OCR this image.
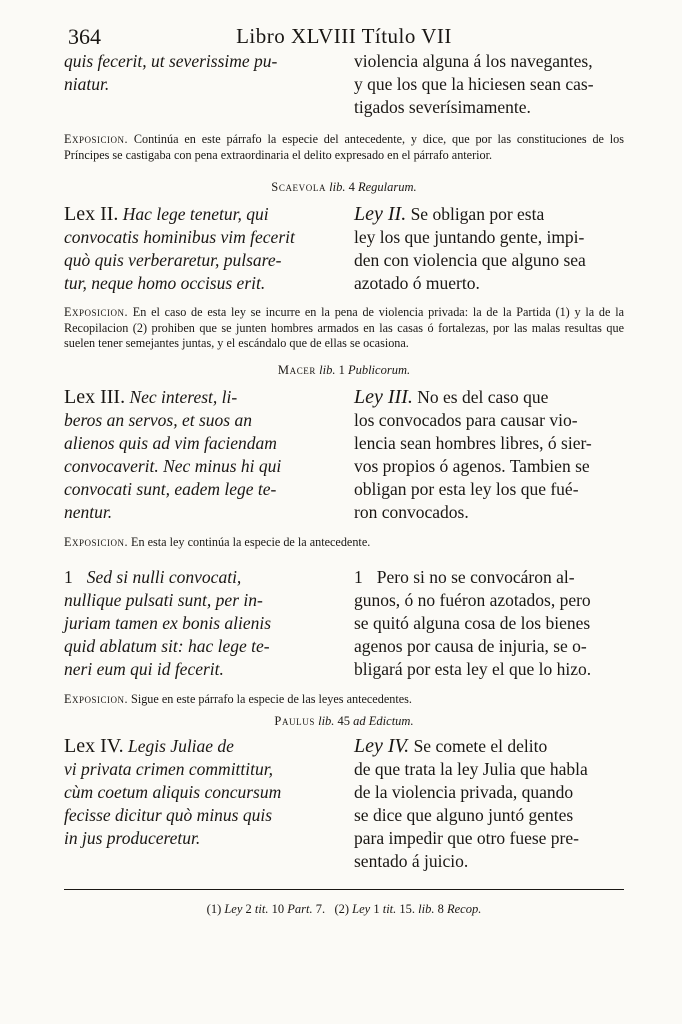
364	Libro XLVIII Título VII
quis fecerit, ut severissime pu-
niatur.
violencia alguna á los navegantes,
y que los que la hiciesen sean cas-
tigados severísimamente.

Exposicion. Continúa en este párrafo la especie del antecedente, y dice, que por las constituciones de los Príncipes se castigaba con pena extraordinaria el delito expresado en el párrafo anterior.

Scaevola lib. 4 Regularum.
Lex II. Hac lege tenetur, qui
convocatis hominibus vim fecerit
quò quis verberaretur, pulsare-
tur, neque homo occisus erit.
Ley II. Se obligan por esta
ley los que juntando gente, impi-
den con violencia que alguno sea
azotado ó muerto.

Exposicion. En el caso de esta ley se incurre en la pena de violencia privada: la de la Partida (1) y la de la Recopilacion (2) prohiben que se junten hombres armados en las casas ó fortalezas, por las malas resultas que suelen tener semejantes juntas, y el escándalo que de ellas se ocasiona.

Macer lib. 1 Publicorum.
Lex III. Nec interest, li-
beros an servos, et suos an
alienos quis ad vim faciendam
convocaverit. Nec minus hi qui
convocati sunt, eadem lege te-
nentur.
Ley III. No es del caso que
los convocados para causar vio-
lencia sean hombres libres, ó sier-
vos propios ó agenos. Tambien se
obligan por esta ley los que fué-
ron convocados.

Exposicion. En esta ley continúa la especie de la antecedente.

1 Sed si nulli convocati,
nullique pulsati sunt, per in-
juriam tamen ex bonis alienis
quid ablatum sit: hac lege te-
neri eum qui id fecerit.
1 Pero si no se convocáron al-
gunos, ó no fuéron azotados, pero
se quitó alguna cosa de los bienes
agenos por causa de injuria, se o-
bligará por esta ley el que lo hizo.

Exposicion. Sigue en este párrafo la especie de las leyes antecedentes.

Paulus lib. 45 ad Edictum.
Lex IV. Legis Juliae de
vi privata crimen committitur,
cùm coetum aliquis concursum
fecisse dicitur quò minus quis
in jus produceretur.
Ley IV. Se comete el delito
de que trata la ley Julia que habla
de la violencia privada, quando
se dice que alguno juntó gentes
para impedir que otro fuese pre-
sentado á juicio.
(1) Ley 2 tit. 10 Part. 7. (2) Ley 1 tit. 15. lib. 8 Recop.
